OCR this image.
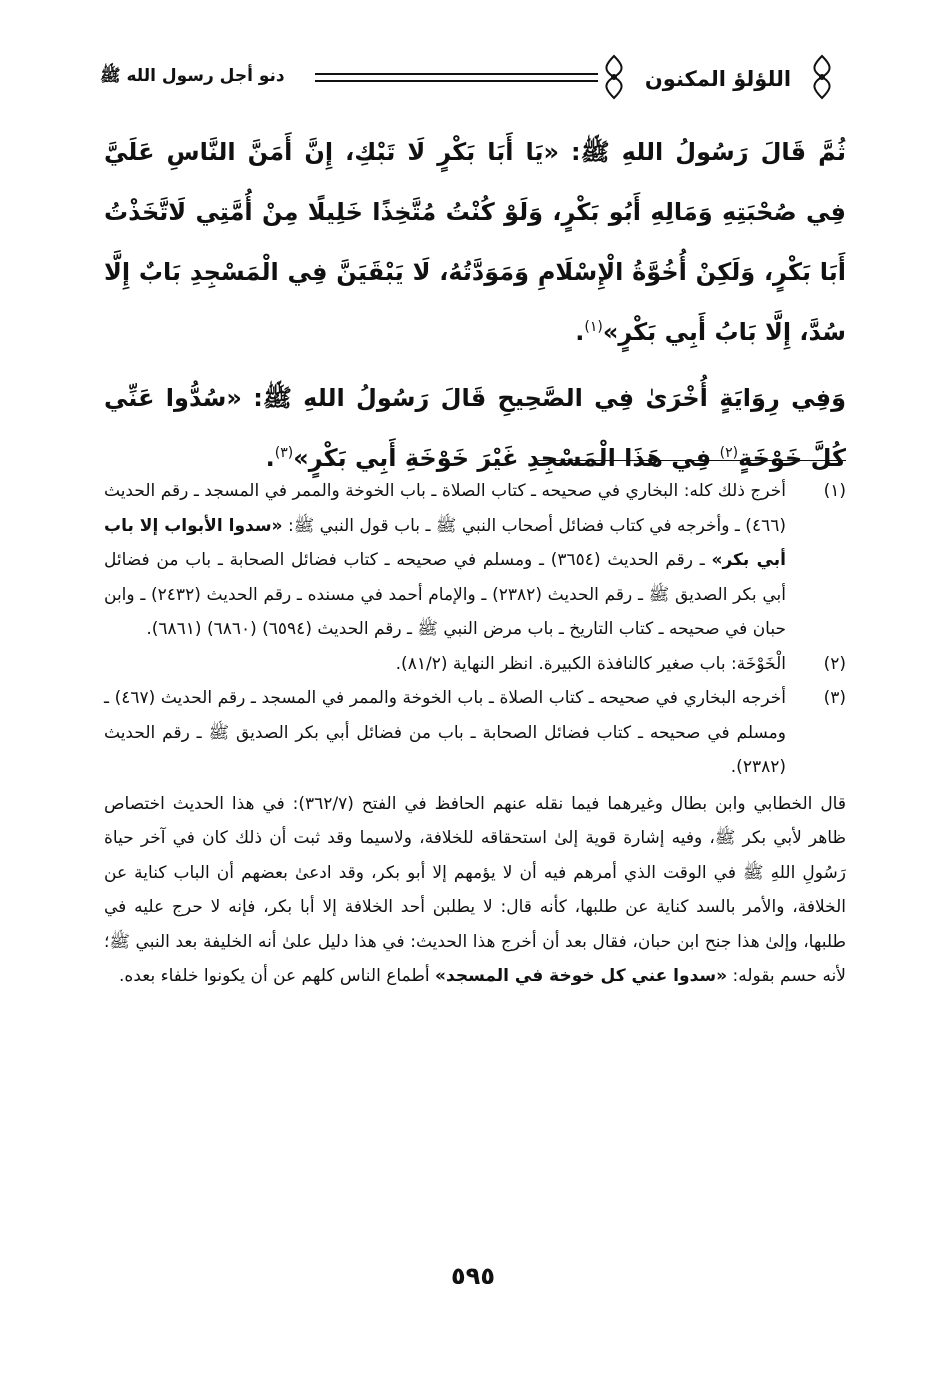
اللؤلؤ المكنون
دنو أجل رسول الله ﷺ

ثُمَّ قَالَ رَسُولُ اللهِ ﷺ: «يَا أَبَا بَكْرٍ لَا تَبْكِ، إِنَّ أَمَنَّ النَّاسِ عَلَيَّ فِي صُحْبَتِهِ وَمَالِهِ أَبُو بَكْرٍ، وَلَوْ كُنْتُ مُتَّخِذًا خَلِيلًا مِنْ أُمَّتِي لَاتَّخَذْتُ أَبَا بَكْرٍ، وَلَكِنْ أُخُوَّةُ الْإِسْلَامِ وَمَوَدَّتُهُ، لَا يَبْقَيَنَّ فِي الْمَسْجِدِ بَابٌ إِلَّا سُدَّ، إِلَّا بَابُ أَبِي بَكْرٍ»$^{(١)}$.

وَفِي رِوَايَةٍ أُخْرَىٰ فِي الصَّحِيحِ قَالَ رَسُولُ اللهِ ﷺ: «سُدُّوا عَنِّي كُلَّ خَوْخَةٍ$^{(٢)}$ فِي هَذَا الْمَسْجِدِ غَيْرَ خَوْخَةِ أَبِي بَكْرٍ»$^{(٣)}$.

(١)
أخرج ذلك كله: البخاري في صحيحه ـ كتاب الصلاة ـ باب الخوخة والممر في المسجد ـ رقم الحديث (٤٦٦) ـ وأخرجه في كتاب فضائل أصحاب النبي ﷺ ـ باب قول النبي ﷺ: «سدوا الأبواب إلا باب أبي بكر» ـ رقم الحديث (٣٦٥٤) ـ ومسلم في صحيحه ـ كتاب فضائل الصحابة ـ باب من فضائل أبي بكر الصديق ﷺ ـ رقم الحديث (٢٣٨٢) ـ والإمام أحمد في مسنده ـ رقم الحديث (٢٤٣٢) ـ وابن حبان في صحيحه ـ كتاب التاريخ ـ باب مرض النبي ﷺ ـ رقم الحديث (٦٥٩٤) (٦٨٦٠) (٦٨٦١).
(٢)
الْخَوْخَة: باب صغير كالنافذة الكبيرة. انظر النهاية (٨١/٢).
(٣)
أخرجه البخاري في صحيحه ـ كتاب الصلاة ـ باب الخوخة والممر في المسجد ـ رقم الحديث (٤٦٧) ـ ومسلم في صحيحه ـ كتاب فضائل الصحابة ـ باب من فضائل أبي بكر الصديق ﷺ ـ رقم الحديث (٢٣٨٢).
قال الخطابي وابن بطال وغيرهما فيما نقله عنهم الحافظ في الفتح (٣٦٢/٧): في هذا الحديث اختصاص ظاهر لأبي بكر ﷺ، وفيه إشارة قوية إلىٰ استحقاقه للخلافة، ولاسيما وقد ثبت أن ذلك كان في آخر حياة رَسُولِ اللهِ ﷺ في الوقت الذي أمرهم فيه أن لا يؤمهم إلا أبو بكر، وقد ادعىٰ بعضهم أن الباب كناية عن الخلافة، والأمر بالسد كناية عن طلبها، كأنه قال: لا يطلبن أحد الخلافة إلا أبا بكر، فإنه لا حرج عليه في طلبها، وإلىٰ هذا جنح ابن حبان، فقال بعد أن أخرج هذا الحديث: في هذا دليل علىٰ أنه الخليفة بعد النبي ﷺ؛ لأنه حسم بقوله: «سدوا عني كل خوخة في المسجد» أطماع الناس كلهم عن أن يكونوا خلفاء بعده.
٥٩٥
